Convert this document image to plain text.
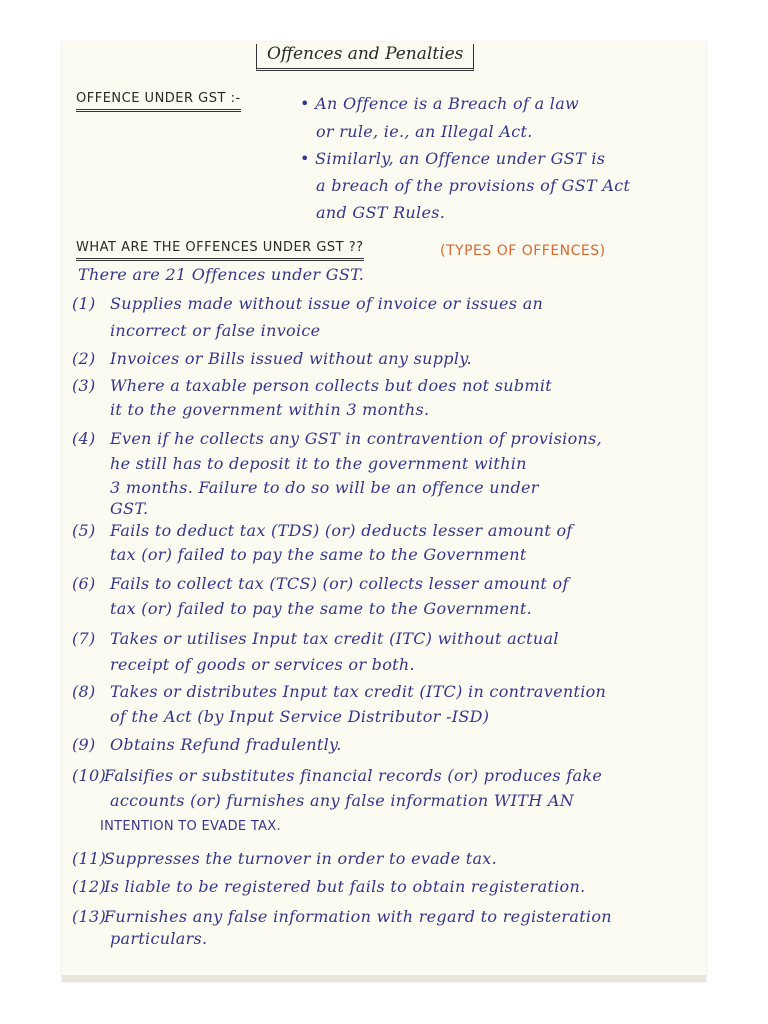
Offences and Penalties
OFFENCE UNDER GST :-
WHAT ARE THE OFFENCES UNDER GST ??	(TYPES OF OFFENCES)
There are 21 Offences under GST.
• An Offence is a Breach of a law
or rule, ie., an Illegal Act.
• Similarly, an Offence under GST is
a breach of the provisions of GST Act
and GST Rules.
(1) Supplies made without issue of invoice or issues an
incorrect or false invoice
(2) Invoices or Bills issued without any supply.
(3) Where a taxable person collects but does not submit
it to the government within 3 months.
(4) Even if he collects any GST in contravention of provisions,
he still has to deposit it to the government within
3 months. Failure to do so will be an offence under
GST.
(5) Fails to deduct tax (TDS) (or) deducts lesser amount of
tax (or) failed to pay the same to the Government
(6) Fails to collect tax (TCS) (or) collects lesser amount of
tax (or) failed to pay the same to the Government.
(7) Takes or utilises Input tax credit (ITC) without actual
receipt of goods or services or both.
(8) Takes or distributes Input tax credit (ITC) in contravention
of the Act (by Input Service Distributor -ISD)
(9) Obtains Refund fradulently.
(10)
Falsifies or substitutes financial records (or) produces fake
accounts (or) furnishes any false information WITH AN
INTENTION TO EVADE TAX.
(11)
Suppresses the turnover in order to evade tax.
(12)
Is liable to be registered but fails to obtain registeration.
(13)
Furnishes any false information with regard to registeration
particulars.
